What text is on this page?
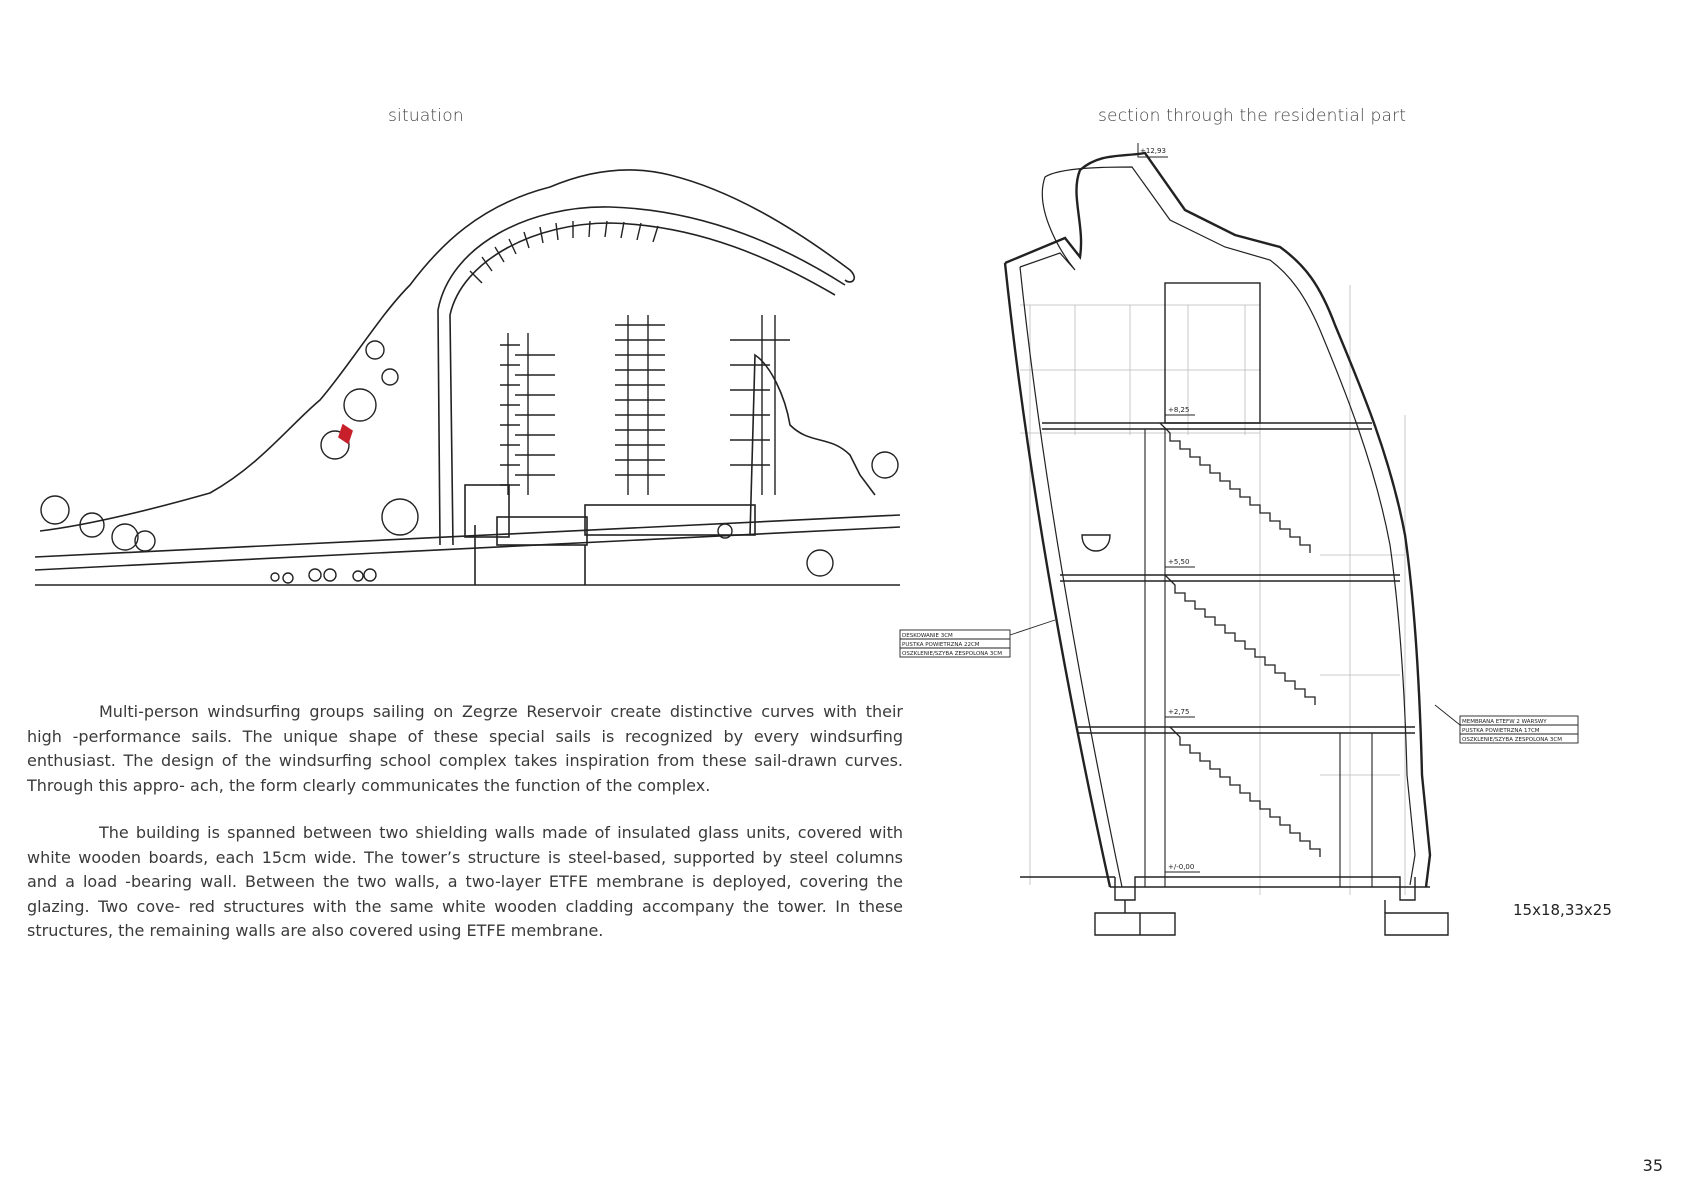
situation	section through the residential part
+12,93
+8,25
+5,50
+2,75
+/-0,00
DESKOWANIE 3CM
PUSTKA POWIETRZNA 22CM
OSZKLENIE/SZYBA ZESPOLONA 3CM
MEMBRANA ETEFW 2 WARSWY
PUSTKA POWIETRZNA 17CM
OSZKLENIE/SZYBA ZESPOLONA 3CM
15x18,33x25

Multi-person windsurfing groups sailing on Zegrze Reservoir create distinctive curves with their high -performance sails. The unique shape of these special sails is recognized by every windsurfing enthusiast. The design of the windsurfing school complex takes inspiration from these sail-drawn curves. Through this appro- ach, the form clearly communicates the function of the complex.

The building is spanned between two shielding walls made of insulated glass units, covered with white wooden boards, each 15cm wide. The tower’s structure is steel-based, supported by steel columns and a load -bearing wall. Between the two walls, a two-layer ETFE membrane is deployed, covering the glazing. Two cove- red structures with the same white wooden cladding accompany the tower. In these structures, the remaining walls are also covered using ETFE membrane.

35
